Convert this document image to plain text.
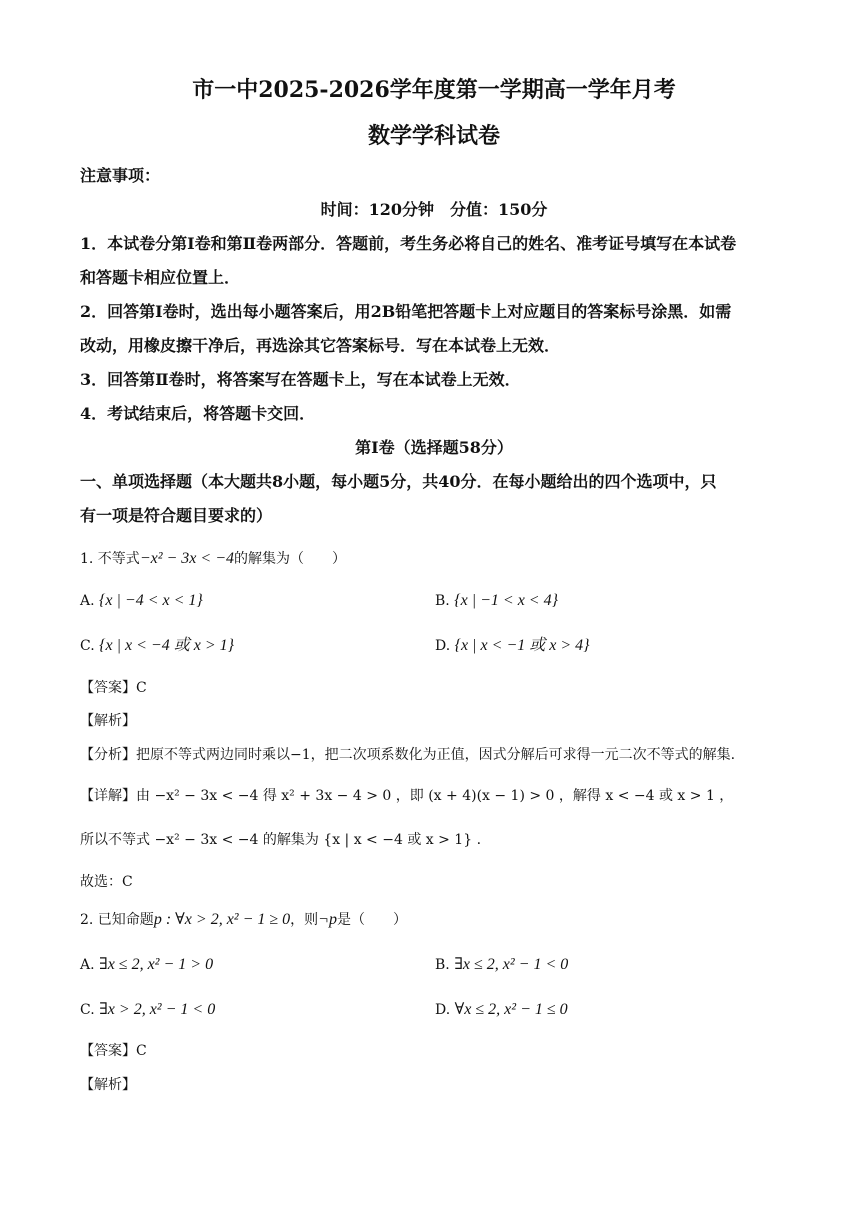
市一中2025-2026学年度第一学期高一学年月考
数学学科试卷
注意事项：
时间：120分钟　分值：150分
1．本试卷分第Ⅰ卷和第Ⅱ卷两部分．答题前，考生务必将自己的姓名、准考证号填写在本试卷
和答题卡相应位置上．
2．回答第Ⅰ卷时，选出每小题答案后，用2B铅笔把答题卡上对应题目的答案标号涂黑．如需
改动，用橡皮擦干净后，再选涂其它答案标号．写在本试卷上无效．
3．回答第Ⅱ卷时，将答案写在答题卡上，写在本试卷上无效．
4．考试结束后，将答题卡交回．
第Ⅰ卷（选择题58分）
一、单项选择题（本大题共8小题，每小题5分，共40分．在每小题给出的四个选项中，只
有一项是符合题目要求的）
1. 不等式−x² − 3x < −4的解集为（　　）
A. {x | −4 < x < 1}	B. {x | −1 < x < 4}
C. {x | x < −4 或 x > 1}	D. {x | x < −1 或 x > 4}
【答案】C
【解析】
【分析】把原不等式两边同时乘以−1，把二次项系数化为正值，因式分解后可求得一元二次不等式的解集.
【详解】由 −x² − 3x < −4 得 x² + 3x − 4 > 0 ，即 (x + 4)(x − 1) > 0 ，解得 x < −4 或 x > 1 ，
所以不等式 −x² − 3x < −4 的解集为 {x | x < −4 或 x > 1} .
故选：C
2. 已知命题p : ∀x > 2, x² − 1 ≥ 0，则¬p是（　　）
A. ∃x ≤ 2, x² − 1 > 0	B. ∃x ≤ 2, x² − 1 < 0
C. ∃x > 2, x² − 1 < 0	D. ∀x ≤ 2, x² − 1 ≤ 0
【答案】C
【解析】
